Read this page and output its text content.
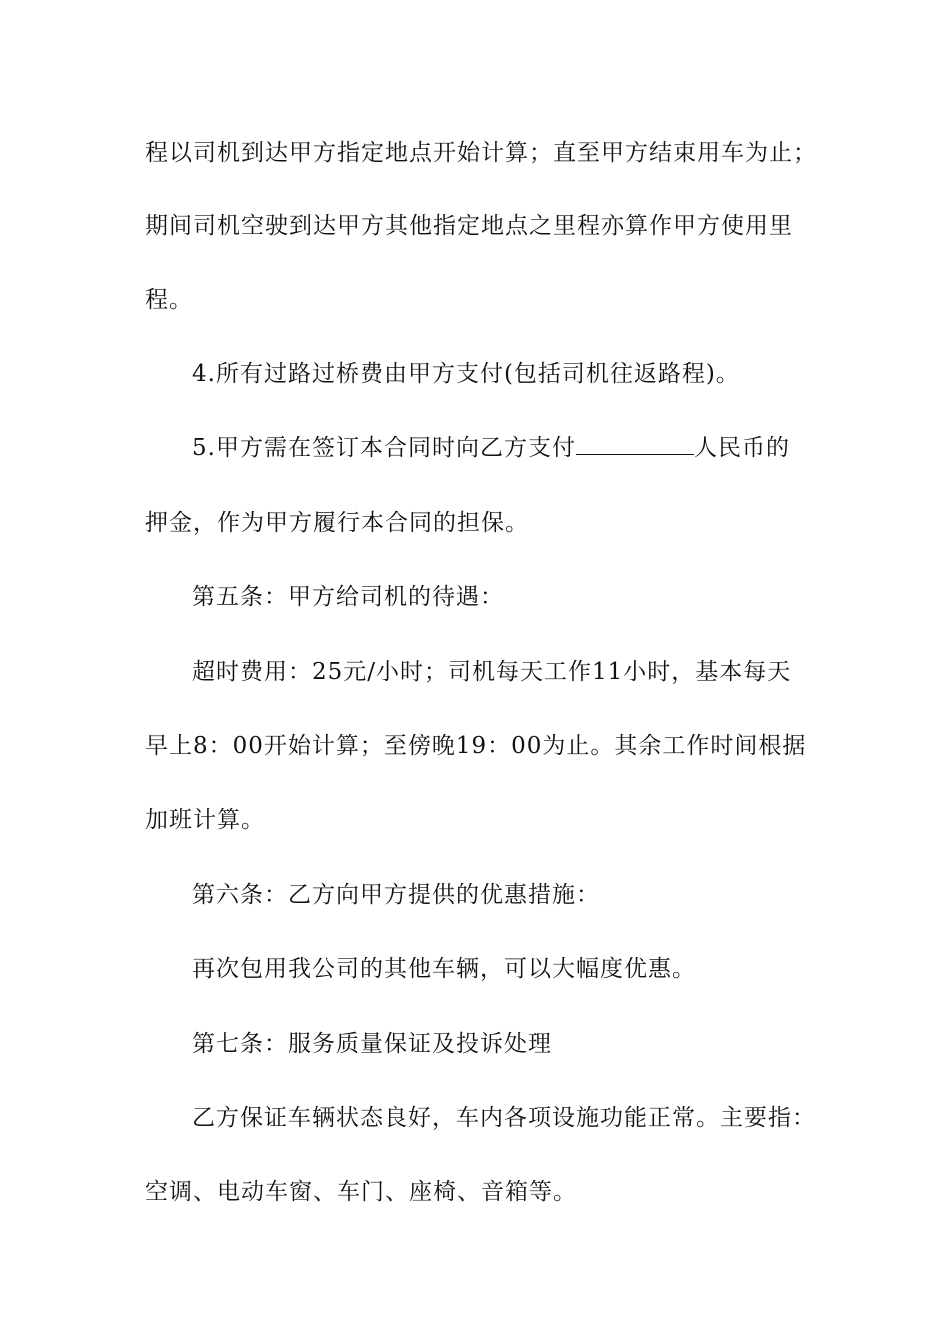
程以司机到达甲方指定地点开始计算；直至甲方结束用车为止；
期间司机空驶到达甲方其他指定地点之里程亦算作甲方使用里
程。
4.所有过路过桥费由甲方支付(包括司机往返路程)。
5.甲方需在签订本合同时向乙方支付	人民币的
押金，作为甲方履行本合同的担保。
第五条：甲方给司机的待遇：
超时费用：25元/小时；司机每天工作11小时，基本每天
早上8：00开始计算；至傍晚19：00为止。其余工作时间根据
加班计算。
第六条：乙方向甲方提供的优惠措施：
再次包用我公司的其他车辆，可以大幅度优惠。
第七条：服务质量保证及投诉处理
乙方保证车辆状态良好，车内各项设施功能正常。主要指：
空调、电动车窗、车门、座椅、音箱等。
